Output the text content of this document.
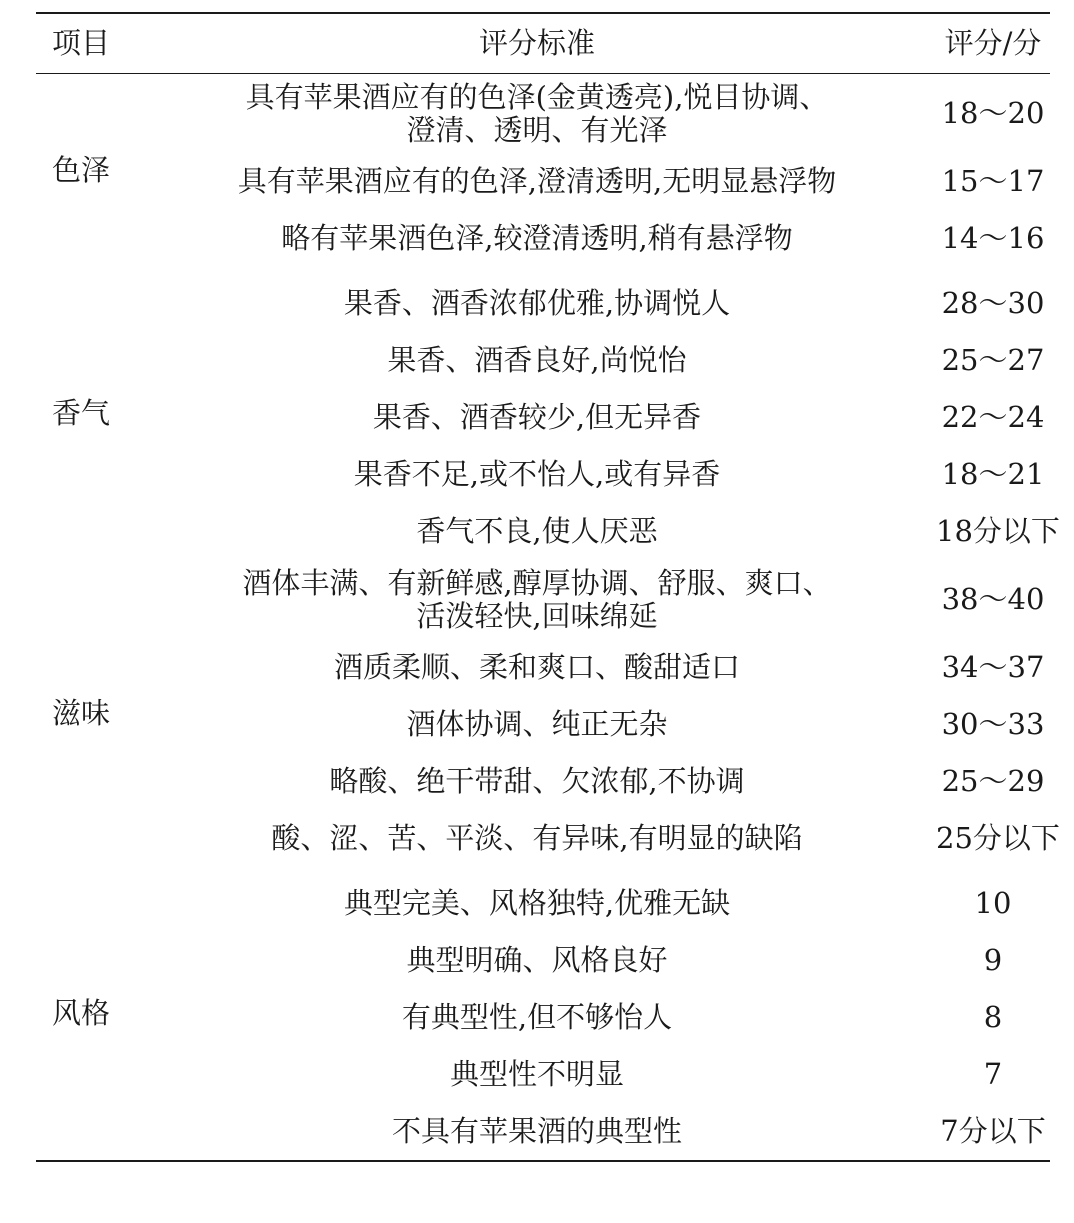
项目	评分标准	评分/分
色泽	具有苹果酒应有的色泽(金黄透亮),悦目协调、澄清、透明、有光泽	18～20
	具有苹果酒应有的色泽,澄清透明,无明显悬浮物	15～17
	略有苹果酒色泽,较澄清透明,稍有悬浮物	14～16
香气	果香、酒香浓郁优雅,协调悦人	28～30
	果香、酒香良好,尚悦怡	25～27
	果香、酒香较少,但无异香	22～24
	果香不足,或不怡人,或有异香	18～21
	香气不良,使人厌恶	18分以下
滋味	酒体丰满、有新鲜感,醇厚协调、舒服、爽口、活泼轻快,回味绵延	38～40
	酒质柔顺、柔和爽口、酸甜适口	34～37
	酒体协调、纯正无杂	30～33
	略酸、绝干带甜、欠浓郁,不协调	25～29
	酸、涩、苦、平淡、有异味,有明显的缺陷	25分以下
风格	典型完美、风格独特,优雅无缺	10
	典型明确、风格良好	9
	有典型性,但不够怡人	8
	典型性不明显	7
	不具有苹果酒的典型性	7分以下
